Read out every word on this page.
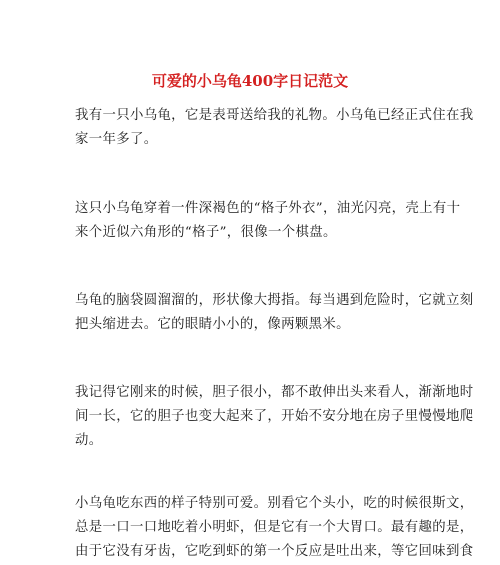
可爱的小乌龟400字日记范文

我有一只小乌龟，它是表哥送给我的礼物。小乌龟已经正式住在我
家一年多了。

这只小乌龟穿着一件深褐色的“格子外衣”，油光闪亮，壳上有十
来个近似六角形的“格子”，很像一个棋盘。

乌龟的脑袋圆溜溜的，形状像大拇指。每当遇到危险时，它就立刻
把头缩进去。它的眼睛小小的，像两颗黑米。

我记得它刚来的时候，胆子很小，都不敢伸出头来看人，渐渐地时
间一长，它的胆子也变大起来了，开始不安分地在房子里慢慢地爬
动。

小乌龟吃东西的样子特别可爱。别看它个头小，吃的时候很斯文，
总是一口一口地吃着小明虾，但是它有一个大胃口。最有趣的是，
由于它没有牙齿，它吃到虾的第一个反应是吐出来，等它回味到食
